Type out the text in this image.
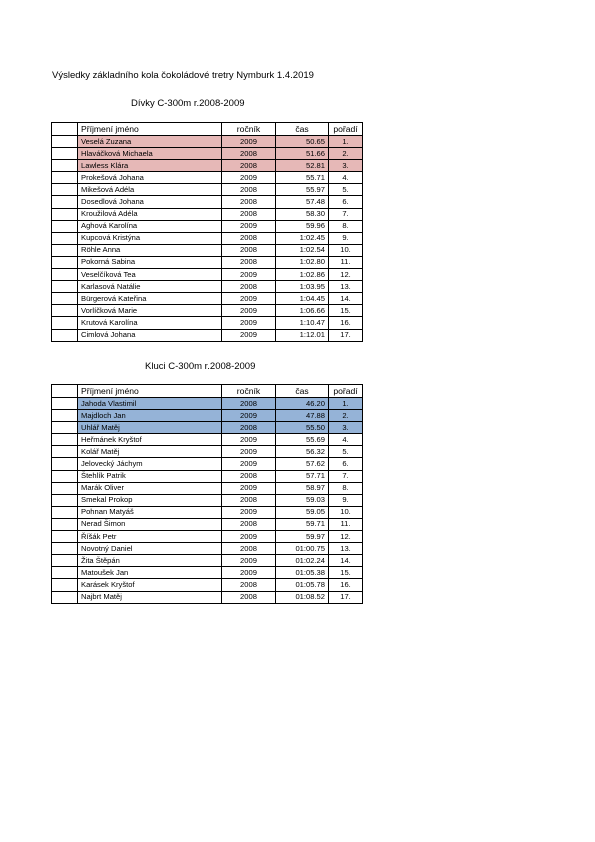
Výsledky základního kola čokoládové tretry Nymburk 1.4.2019
Dívky C-300m r.2008-2009
	Příjmení jméno	ročník	čas	pořadí
	Veselá Zuzana	2009	50.65	1.
	Hlaváčková Michaela	2008	51.66	2.
	Lawless Klára	2008	52.81	3.
	Prokešová Johana	2009	55.71	4.
	Mikešová Adéla	2008	55.97	5.
	Dosedlová Johana	2008	57.48	6.
	Kroužilová Adéla	2008	58.30	7.
	Aghová Karolína	2009	59.96	8.
	Kupcová Kristýna	2008	1:02.45	9.
	Röhle Anna	2008	1:02.54	10.
	Pokorná Sabina	2008	1:02.80	11.
	Veselčíková Tea	2009	1:02.86	12.
	Karlasová Natálie	2008	1:03.95	13.
	Bürgerová Kateřina	2009	1:04.45	14.
	Vorlíčková Marie	2009	1:06.66	15.
	Krutová Karolína	2009	1:10.47	16.
	Cimlová Johana	2009	1:12.01	17.
Kluci C-300m r.2008-2009
	Příjmení jméno	ročník	čas	pořadí
	Jahoda Vlastimil	2008	46.20	1.
	Majdloch Jan	2009	47.88	2.
	Uhlář Matěj	2008	55.50	3.
	Heřmánek Kryštof	2009	55.69	4.
	Kolář Matěj	2009	56.32	5.
	Jelovecký Jáchym	2009	57.62	6.
	Štehlík Patrik	2008	57.71	7.
	Marák Oliver	2009	58.97	8.
	Smekal Prokop	2008	59.03	9.
	Pohnan Matyáš	2009	59.05	10.
	Nerad Šimon	2008	59.71	11.
	Říšák Petr	2009	59.97	12.
	Novotný Daniel	2008	01:00.75	13.
	Žita Štěpán	2009	01:02.24	14.
	Matoušek Jan	2009	01:05.38	15.
	Karásek Kryštof	2008	01:05.78	16.
	Najbrt Matěj	2008	01:08.52	17.
